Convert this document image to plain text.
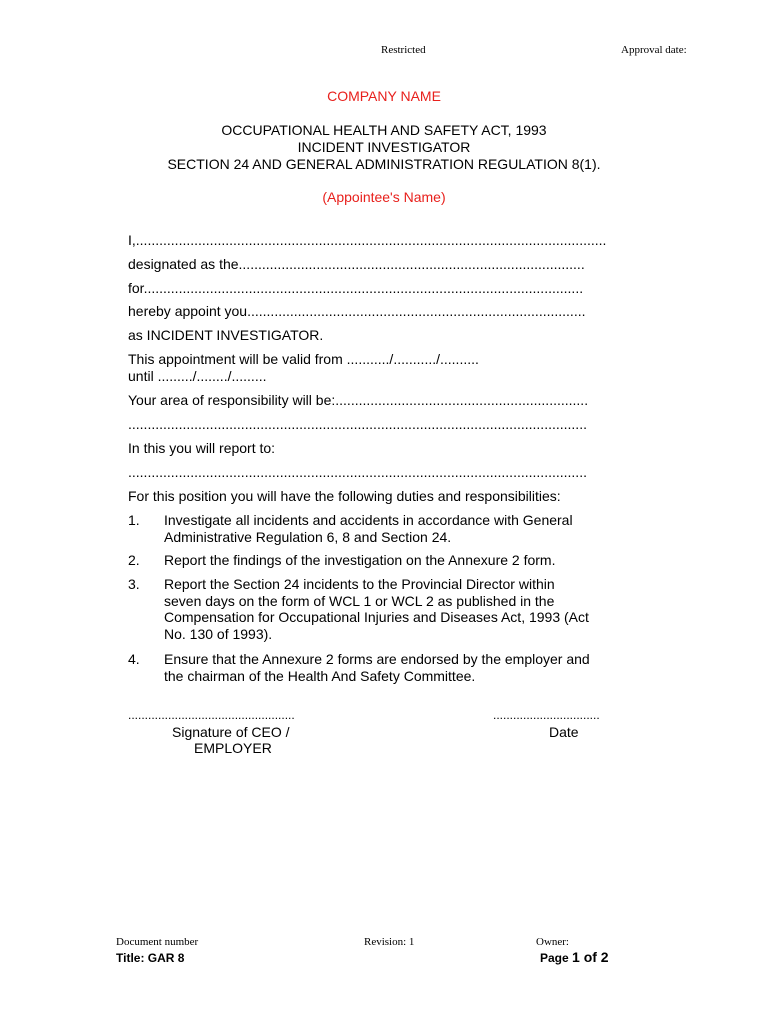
Restricted	Approval date:
COMPANY NAME
OCCUPATIONAL HEALTH AND SAFETY ACT, 1993
INCIDENT INVESTIGATOR
SECTION 24 AND GENERAL ADMINISTRATION REGULATION 8(1).
(Appointee's Name)
I,.........................................................................................................................
designated as the.........................................................................................
for.................................................................................................................
hereby appoint you.......................................................................................
as INCIDENT INVESTIGATOR.
This appointment will be valid from .........../.........../..........
until ........./......../.........
Your area of responsibility will be:.................................................................
......................................................................................................................
In this you will report to:
......................................................................................................................
For this position you will have the following duties and responsibilities:
1. Investigate all incidents and accidents in accordance with General
Administrative Regulation 6, 8 and Section 24.
2. Report the findings of the investigation on the Annexure 2 form.
3. Report the Section 24 incidents to the Provincial Director within
seven days on the form of WCL 1 or WCL 2 as published in the
Compensation for Occupational Injuries and Diseases Act, 1993 (Act
No. 130 of 1993).
4. Ensure that the Annexure 2 forms are endorsed by the employer and
the chairman of the Health And Safety Committee.
..................................................
Signature of CEO /
EMPLOYER
................................
Date
Document number
Title: GAR 8
Revision: 1	Owner:
Page 1 of 2
